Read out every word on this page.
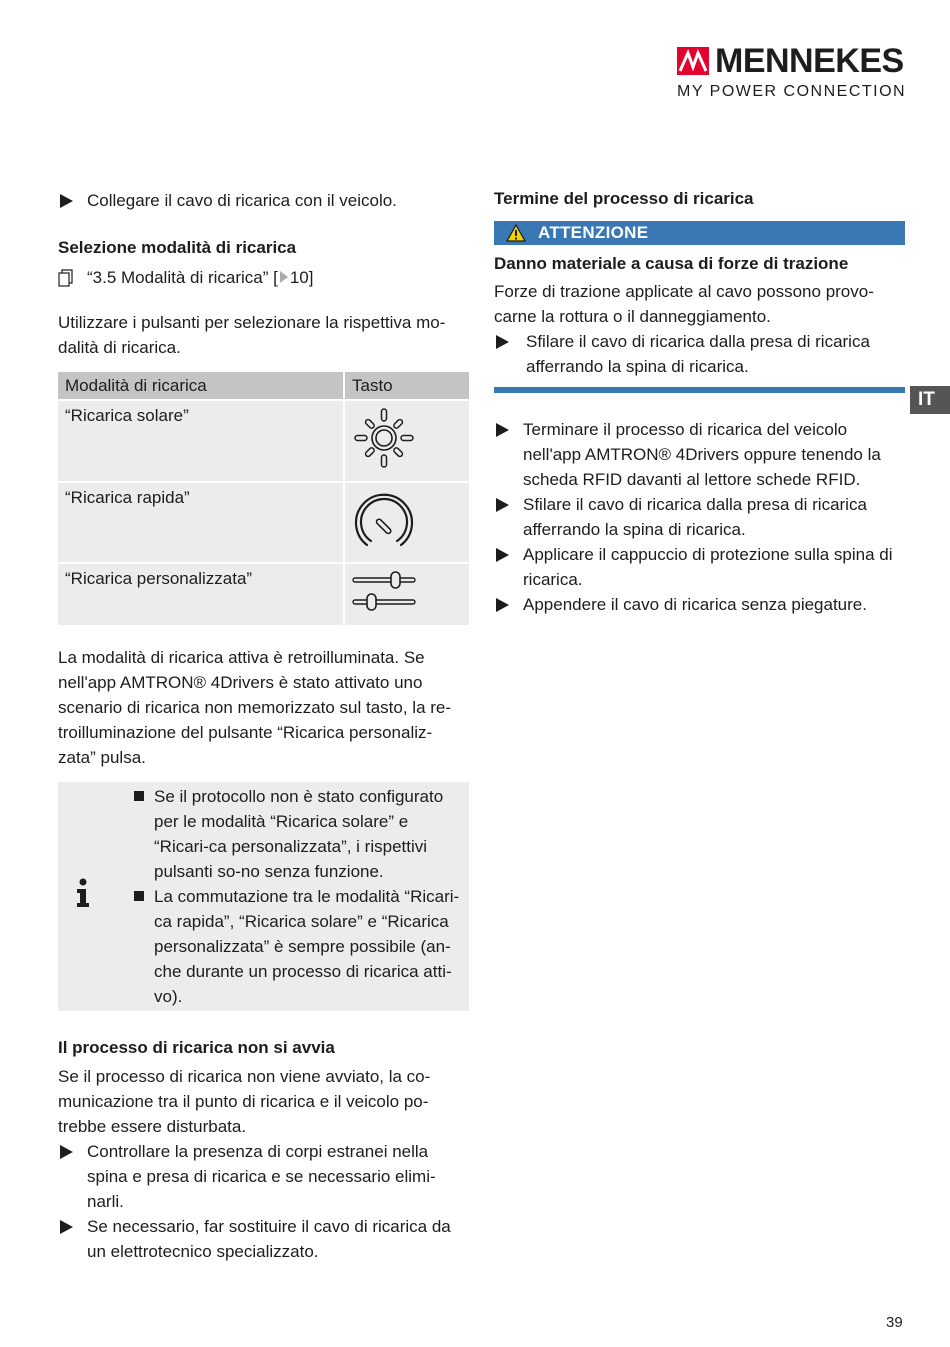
MENNEKES
MY POWER CONNECTION
IT
Collegare il cavo di ricarica con il veicolo.
Selezione modalità di ricarica
“3.5 Modalità di ricarica” [ 10]
Utilizzare i pulsanti per selezionare la rispettiva mo-dalità di ricarica.
Modalità di ricarica	Tasto
“Ricarica solare”	
“Ricarica rapida”	
“Ricarica personalizzata”	
La modalità di ricarica attiva è retroilluminata. Se nell'app AMTRON® 4Drivers è stato attivato uno scenario di ricarica non memorizzato sul tasto, la re-troilluminazione del pulsante “Ricarica personaliz-zata” pulsa.
Se il protocollo non è stato configurato per le modalità “Ricarica solare” e “Ricari-ca personalizzata”, i rispettivi pulsanti so-no senza funzione.
La commutazione tra le modalità “Ricari-ca rapida”, “Ricarica solare” e “Ricarica personalizzata” è sempre possibile (an-che durante un processo di ricarica atti-vo).
Il processo di ricarica non si avvia
Se il processo di ricarica non viene avviato, la co-municazione tra il punto di ricarica e il veicolo po-trebbe essere disturbata.
Controllare la presenza di corpi estranei nella spina e presa di ricarica e se necessario elimi-narli.
Se necessario, far sostituire il cavo di ricarica da un elettrotecnico specializzato.
Termine del processo di ricarica
ATTENZIONE
Danno materiale a causa di forze di trazione
Forze di trazione applicate al cavo possono provo-carne la rottura o il danneggiamento.
Sfilare il cavo di ricarica dalla presa di ricarica afferrando la spina di ricarica.
Terminare il processo di ricarica del veicolo nell'app AMTRON® 4Drivers oppure tenendo la scheda RFID davanti al lettore schede RFID.
Sfilare il cavo di ricarica dalla presa di ricarica afferrando la spina di ricarica.
Applicare il cappuccio di protezione sulla spina di ricarica.
Appendere il cavo di ricarica senza piegature.
39
